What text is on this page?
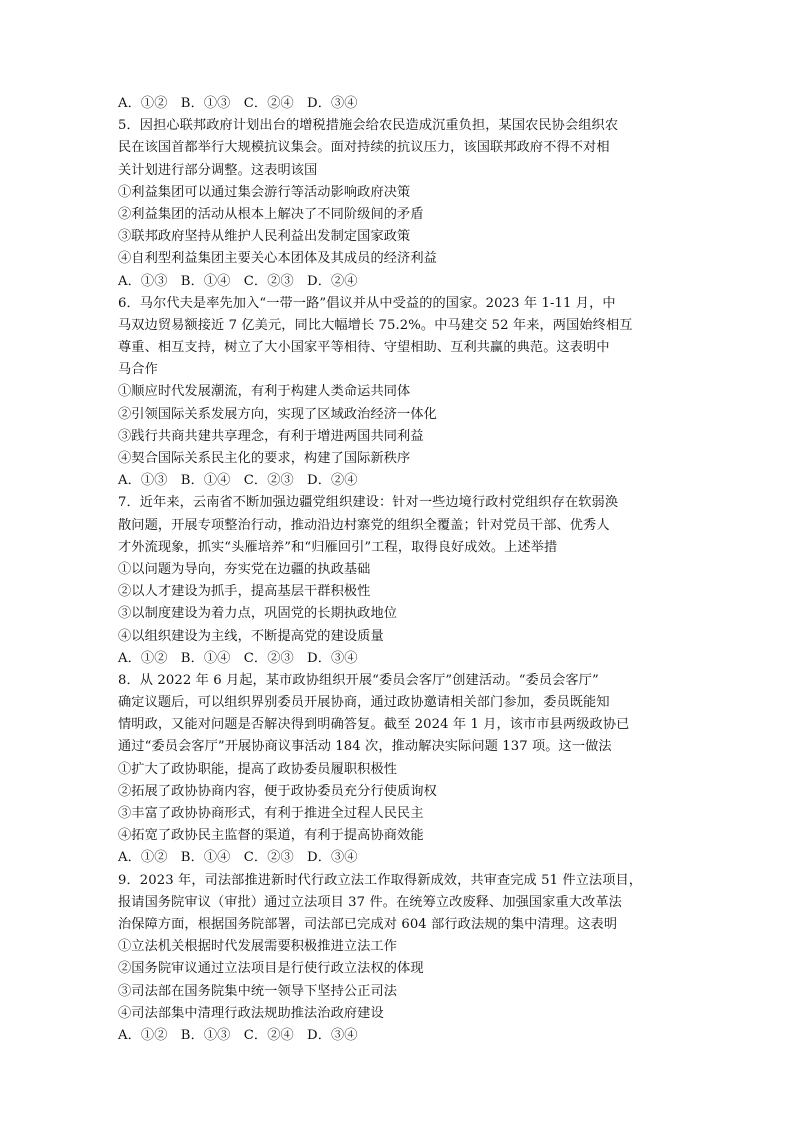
A．①②　B．①③　C．②④　D．③④
5．因担心联邦政府计划出台的增税措施会给农民造成沉重负担，某国农民协会组织农
民在该国首都举行大规模抗议集会。面对持续的抗议压力，该国联邦政府不得不对相
关计划进行部分调整。这表明该国
①利益集团可以通过集会游行等活动影响政府决策
②利益集团的活动从根本上解决了不同阶级间的矛盾
③联邦政府坚持从维护人民利益出发制定国家政策
④自利型利益集团主要关心本团体及其成员的经济利益
A．①③　B．①④　C．②③　D．②④
6．马尔代夫是率先加入“一带一路”倡议并从中受益的的国家。2023 年 1-11 月，中
马双边贸易额接近 7 亿美元，同比大幅增长 75.2%。中马建交 52 年来，两国始终相互
尊重、相互支持，树立了大小国家平等相待、守望相助、互利共赢的典范。这表明中
马合作
①顺应时代发展潮流，有利于构建人类命运共同体
②引领国际关系发展方向，实现了区域政治经济一体化
③践行共商共建共享理念，有利于增进两国共同利益
④契合国际关系民主化的要求，构建了国际新秩序
A．①③　B．①④　C．②③　D．②④
7．近年来，云南省不断加强边疆党组织建设：针对一些边境行政村党组织存在软弱涣
散问题，开展专项整治行动，推动沿边村寨党的组织全覆盖；针对党员干部、优秀人
才外流现象，抓实“头雁培养”和“归雁回引”工程，取得良好成效。上述举措
①以问题为导向，夯实党在边疆的执政基础
②以人才建设为抓手，提高基层干群积极性
③以制度建设为着力点，巩固党的长期执政地位
④以组织建设为主线，不断提高党的建设质量
A．①②　B．①④　C．②③　D．③④
8．从 2022 年 6 月起，某市政协组织开展“委员会客厅”创建活动。“委员会客厅”
确定议题后，可以组织界别委员开展协商，通过政协邀请相关部门参加，委员既能知
情明政，又能对问题是否解决得到明确答复。截至 2024 年 1 月，该市市县两级政协已
通过“委员会客厅”开展协商议事活动 184 次，推动解决实际问题 137 项。这一做法
①扩大了政协职能，提高了政协委员履职积极性
②拓展了政协协商内容，便于政协委员充分行使质询权
③丰富了政协协商形式，有利于推进全过程人民民主
④拓宽了政协民主监督的渠道，有利于提高协商效能
A．①②　B．①④　C．②③　D．③④
9．2023 年，司法部推进新时代行政立法工作取得新成效，共审查完成 51 件立法项目，
报请国务院审议（审批）通过立法项目 37 件。在统筹立改废释、加强国家重大改革法
治保障方面，根据国务院部署，司法部已完成对 604 部行政法规的集中清理。这表明
①立法机关根据时代发展需要积极推进立法工作
②国务院审议通过立法项目是行使行政立法权的体现
③司法部在国务院集中统一领导下坚持公正司法
④司法部集中清理行政法规助推法治政府建设
A．①②　B．①③　C．②④　D．③④
